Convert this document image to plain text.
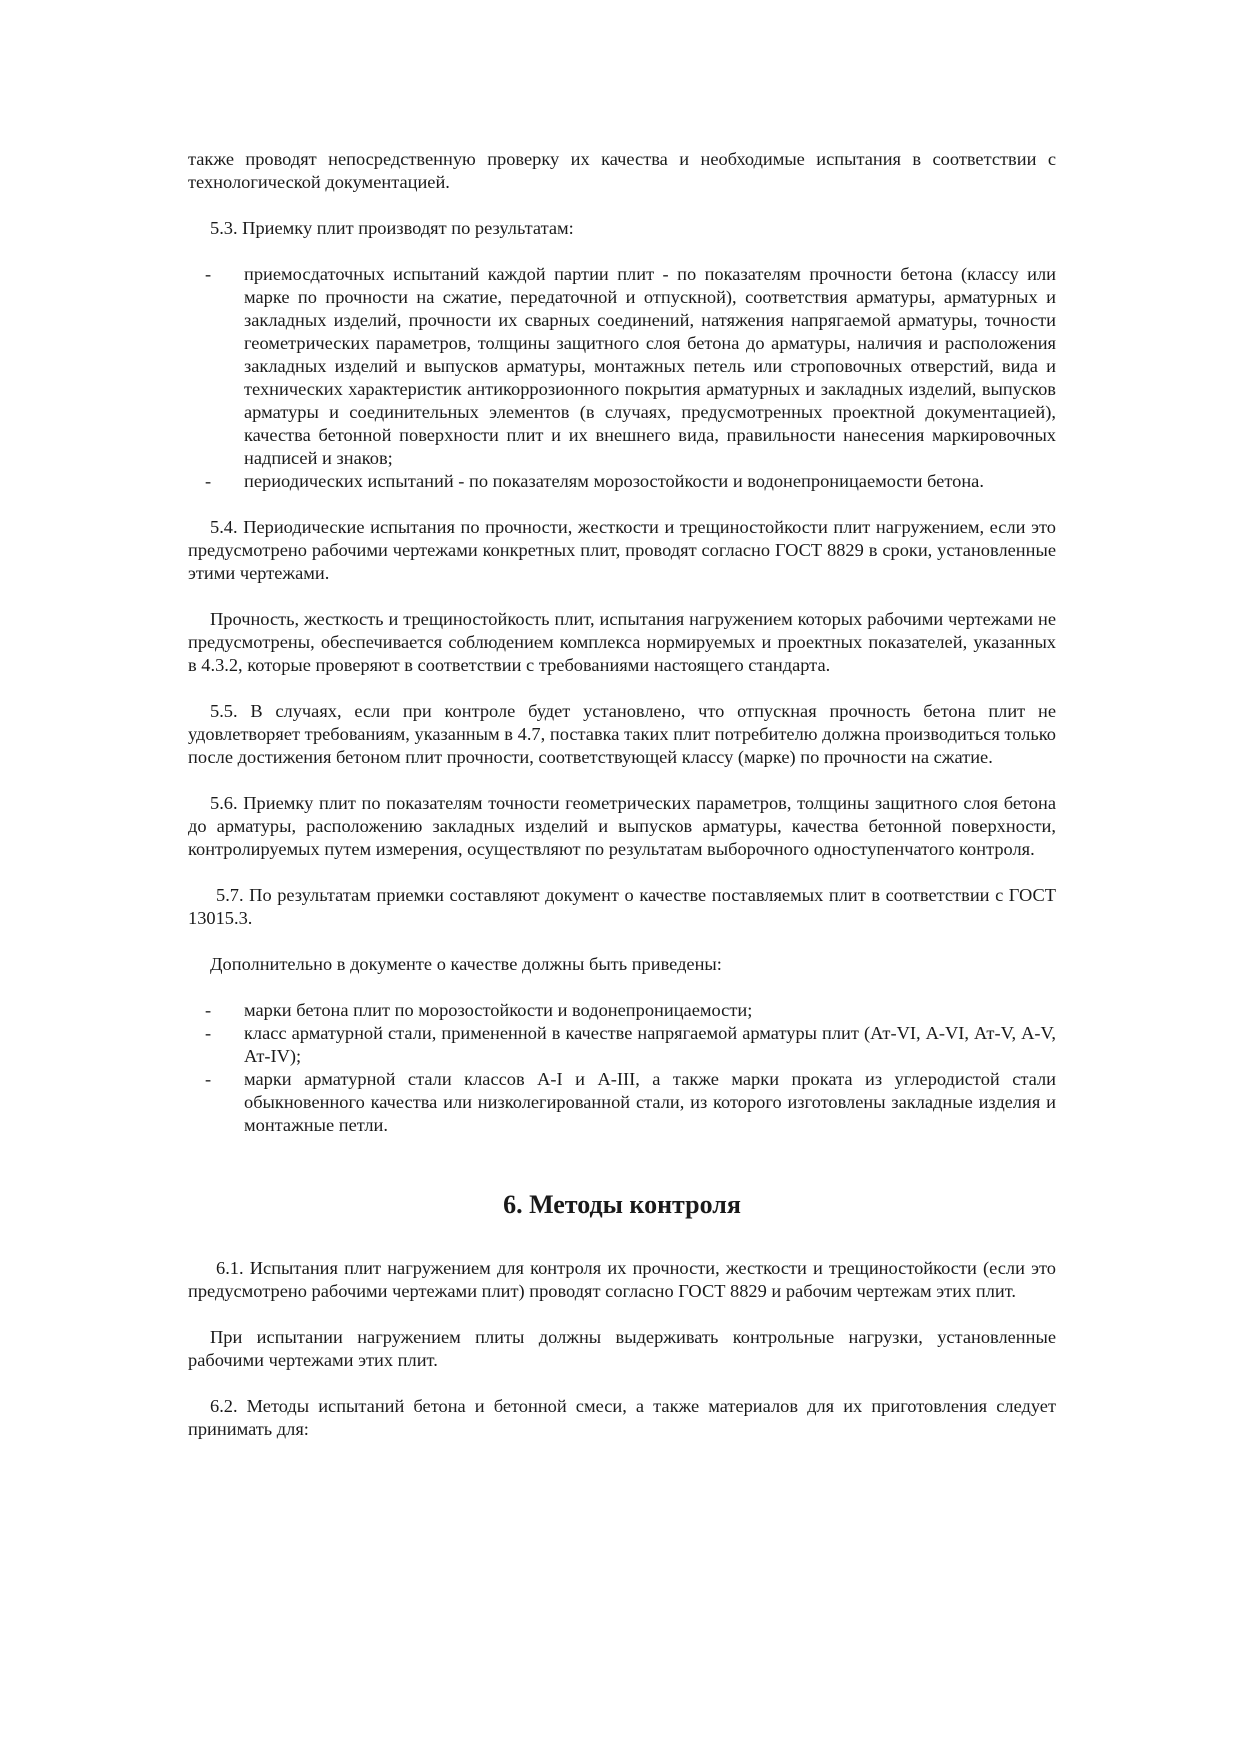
также проводят непосредственную проверку их качества и необходимые испытания в соответствии с технологической документацией.

5.3. Приемку плит производят по результатам:

- приемосдаточных испытаний каждой партии плит - по показателям прочности бетона (классу или марке по прочности на сжатие, передаточной и отпускной), соответствия арматуры, арматурных и закладных изделий, прочности их сварных соединений, натяжения напрягаемой арматуры, точности геометрических параметров, толщины защитного слоя бетона до арматуры, наличия и расположения закладных изделий и выпусков арматуры, монтажных петель или строповочных отверстий, вида и технических характеристик антикоррозионного покрытия арматурных и закладных изделий, выпусков арматуры и соединительных элементов (в случаях, предусмотренных проектной документацией), качества бетонной поверхности плит и их внешнего вида, правильности нанесения маркировочных надписей и знаков;
- периодических испытаний - по показателям морозостойкости и водонепроницаемости бетона.

5.4. Периодические испытания по прочности, жесткости и трещиностойкости плит нагружением, если это предусмотрено рабочими чертежами конкретных плит, проводят согласно ГОСТ 8829 в сроки, установленные этими чертежами.

Прочность, жесткость и трещиностойкость плит, испытания нагружением которых рабочими чертежами не предусмотрены, обеспечивается соблюдением комплекса нормируемых и проектных показателей, указанных в 4.3.2, которые проверяют в соответствии с требованиями настоящего стандарта.

5.5. В случаях, если при контроле будет установлено, что отпускная прочность бетона плит не удовлетворяет требованиям, указанным в 4.7, поставка таких плит потребителю должна производиться только после достижения бетоном плит прочности, соответствующей классу (марке) по прочности на сжатие.

5.6. Приемку плит по показателям точности геометрических параметров, толщины защитного слоя бетона до арматуры, расположению закладных изделий и выпусков арматуры, качества бетонной поверхности, контролируемых путем измерения, осуществляют по результатам выборочного одноступенчатого контроля.

5.7. По результатам приемки составляют документ о качестве поставляемых плит в соответствии с ГОСТ 13015.3.

Дополнительно в документе о качестве должны быть приведены:

- марки бетона плит по морозостойкости и водонепроницаемости;
- класс арматурной стали, примененной в качестве напрягаемой арматуры плит (Ат-VI, А-VI, Ат-V, А-V, Ат-IV);
- марки арматурной стали классов А-I и А-III, а также марки проката из углеродистой стали обыкновенного качества или низколегированной стали, из которого изготовлены закладные изделия и монтажные петли.
6. Методы контроля

6.1. Испытания плит нагружением для контроля их прочности, жесткости и трещиностойкости (если это предусмотрено рабочими чертежами плит) проводят согласно ГОСТ 8829 и рабочим чертежам этих плит.

При испытании нагружением плиты должны выдерживать контрольные нагрузки, установленные рабочими чертежами этих плит.

6.2. Методы испытаний бетона и бетонной смеси, а также материалов для их приготовления следует принимать для:
